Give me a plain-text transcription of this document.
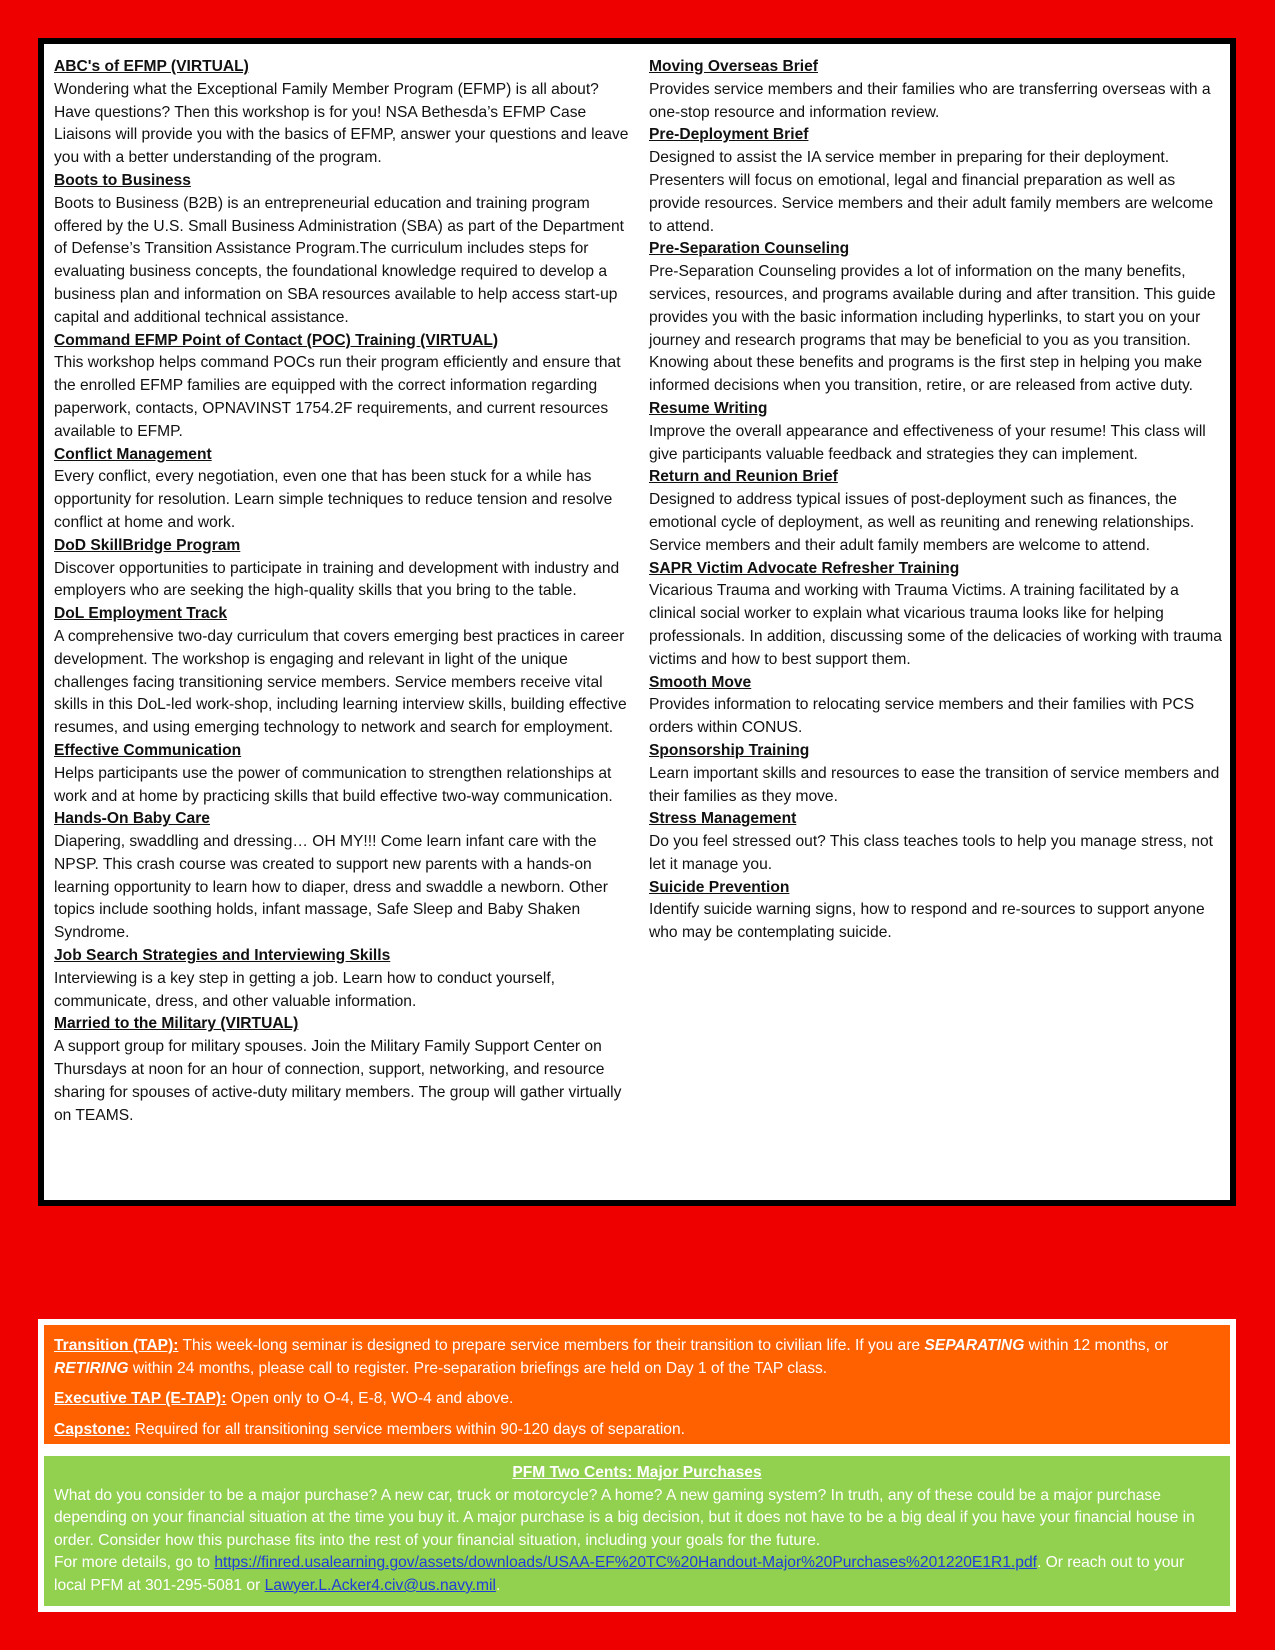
ABC's of EFMP (VIRTUAL)
Wondering what the Exceptional Family Member Program (EFMP) is all about? Have questions? Then this workshop is for you! NSA Bethesda’s EFMP Case Liaisons will provide you with the basics of EFMP, answer your questions and leave you with a better understanding of the program.
Boots to Business
Boots to Business (B2B) is an entrepreneurial education and training program offered by the U.S. Small Business Administration (SBA) as part of the Department of Defense’s Transition Assistance Program.The curriculum includes steps for evaluating business concepts, the foundational knowledge required to develop a business plan and information on SBA resources available to help access start-up capital and additional technical assistance.
Command EFMP Point of Contact (POC) Training (VIRTUAL)
This workshop helps command POCs run their program efficiently and ensure that the enrolled EFMP families are equipped with the correct information regarding paperwork, contacts, OPNAVINST 1754.2F requirements, and current resources available to EFMP.
Conflict Management
Every conflict, every negotiation, even one that has been stuck for a while has opportunity for resolution. Learn simple techniques to reduce tension and resolve conflict at home and work.
DoD SkillBridge Program
Discover opportunities to participate in training and development with industry and employers who are seeking the high-quality skills that you bring to the table.
DoL Employment Track
A comprehensive two-day curriculum that covers emerging best practices in career development. The workshop is engaging and relevant in light of the unique challenges facing transitioning service members. Service members receive vital skills in this DoL-led work-shop, including learning interview skills, building effective resumes, and using emerging technology to network and search for employment.
Effective Communication
Helps participants use the power of communication to strengthen relationships at work and at home by practicing skills that build effective two-way communication.
Hands-On Baby Care
Diapering, swaddling and dressing… OH MY!!! Come learn infant care with the NPSP. This crash course was created to support new parents with a hands-on learning opportunity to learn how to diaper, dress and swaddle a newborn. Other topics include soothing holds, infant massage, Safe Sleep and Baby Shaken Syndrome.
Job Search Strategies and Interviewing Skills
Interviewing is a key step in getting a job. Learn how to conduct yourself, communicate, dress, and other valuable information.
Married to the Military (VIRTUAL)
A support group for military spouses. Join the Military Family Support Center on Thursdays at noon for an hour of connection, support, networking, and resource sharing for spouses of active-duty military members. The group will gather virtually on TEAMS.
Moving Overseas Brief
Provides service members and their families who are transferring overseas with a one-stop resource and information review.
Pre-Deployment Brief
Designed to assist the IA service member in preparing for their deployment. Presenters will focus on emotional, legal and financial preparation as well as provide resources. Service members and their adult family members are welcome to attend.
Pre-Separation Counseling
Pre-Separation Counseling provides a lot of information on the many benefits, services, resources, and programs available during and after transition. This guide provides you with the basic information including hyperlinks, to start you on your journey and research programs that may be beneficial to you as you transition. Knowing about these benefits and programs is the first step in helping you make informed decisions when you transition, retire, or are released from active duty.
Resume Writing
Improve the overall appearance and effectiveness of your resume! This class will give participants valuable feedback and strategies they can implement.
Return and Reunion Brief
Designed to address typical issues of post-deployment such as finances, the emotional cycle of deployment, as well as reuniting and renewing relationships. Service members and their adult family members are welcome to attend.
SAPR Victim Advocate Refresher Training
Vicarious Trauma and working with Trauma Victims. A training facilitated by a clinical social worker to explain what vicarious trauma looks like for helping professionals. In addition, discussing some of the delicacies of working with trauma victims and how to best support them.
Smooth Move
Provides information to relocating service members and their families with PCS orders within CONUS.
Sponsorship Training
Learn important skills and resources to ease the transition of service members and their families as they move.
Stress Management
Do you feel stressed out? This class teaches tools to help you manage stress, not let it manage you.
Suicide Prevention
Identify suicide warning signs, how to respond and re-sources to support anyone who may be contemplating suicide.

Transition (TAP): This week-long seminar is designed to prepare service members for their transition to civilian life. If you are SEPARATING within 12 months, or RETIRING within 24 months, please call to register. Pre-separation briefings are held on Day 1 of the TAP class.

Executive TAP (E-TAP): Open only to O-4, E-8, WO-4 and above.

Capstone: Required for all transitioning service members within 90-120 days of separation.

PFM Two Cents: Major Purchases
What do you consider to be a major purchase? A new car, truck or motorcycle? A home? A new gaming system? In truth, any of these could be a major purchase depending on your financial situation at the time you buy it. A major purchase is a big decision, but it does not have to be a big deal if you have your financial house in order. Consider how this purchase fits into the rest of your financial situation, including your goals for the future.
For more details, go to https://finred.usalearning.gov/assets/downloads/USAA-EF%20TC%20Handout-Major%20Purchases%201220E1R1.pdf. Or reach out to your local PFM at 301-295-5081 or Lawyer.L.Acker4.civ@us.navy.mil.
